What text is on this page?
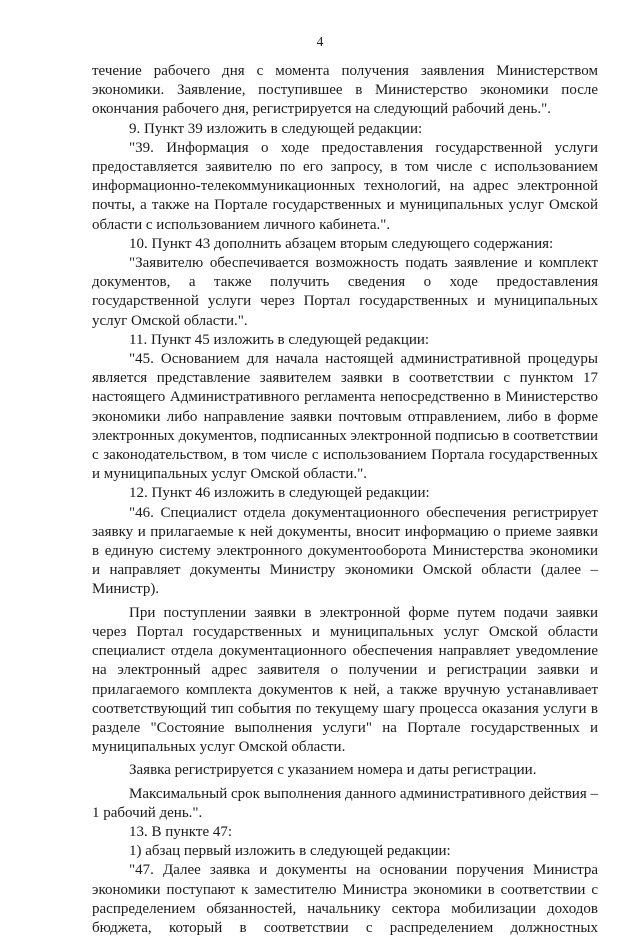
4

течение рабочего дня с момента получения заявления Министерством экономики. Заявление, поступившее в Министерство экономики после окончания рабочего дня, регистрируется на следующий рабочий день.".

9. Пункт 39 изложить в следующей редакции:

"39. Информация о ходе предоставления государственной услуги предоставляется заявителю по его запросу, в том числе с использованием информационно-телекоммуникационных технологий, на адрес электронной почты, а также на Портале государственных и муниципальных услуг Омской области с использованием личного кабинета.".

10. Пункт 43 дополнить абзацем вторым следующего содержания:

"Заявителю обеспечивается возможность подать заявление и комплект документов, а также получить сведения о ходе предоставления государственной услуги через Портал государственных и муниципальных услуг Омской области.".

11. Пункт 45 изложить в следующей редакции:

"45. Основанием для начала настоящей административной процедуры является представление заявителем заявки в соответствии с пунктом 17 настоящего Административного регламента непосредственно в Министерство экономики либо направление заявки почтовым отправлением, либо в форме электронных документов, подписанных электронной подписью в соответствии с законодательством, в том числе с использованием Портала государственных и муниципальных услуг Омской области.".

12. Пункт 46 изложить в следующей редакции:

"46. Специалист отдела документационного обеспечения регистрирует заявку и прилагаемые к ней документы, вносит информацию о приеме заявки в единую систему электронного документооборота Министерства экономики и направляет документы Министру экономики Омской области (далее – Министр).

При поступлении заявки в электронной форме путем подачи заявки через Портал государственных и муниципальных услуг Омской области специалист отдела документационного обеспечения направляет уведомление на электронный адрес заявителя о получении и регистрации заявки и прилагаемого комплекта документов к ней, а также вручную устанавливает соответствующий тип события по текущему шагу процесса оказания услуги в разделе "Состояние выполнения услуги" на Портале государственных и муниципальных услуг Омской области.

Заявка регистрируется с указанием номера и даты регистрации.

Максимальный срок выполнения данного административного действия – 1 рабочий день.".

13. В пункте 47:

1) абзац первый изложить в следующей редакции:

"47. Далее заявка и документы на основании поручения Министра экономики поступают к заместителю Министра экономики в соответствии с распределением обязанностей, начальнику сектора мобилизации доходов бюджета, который в соответствии с распределением должностных
